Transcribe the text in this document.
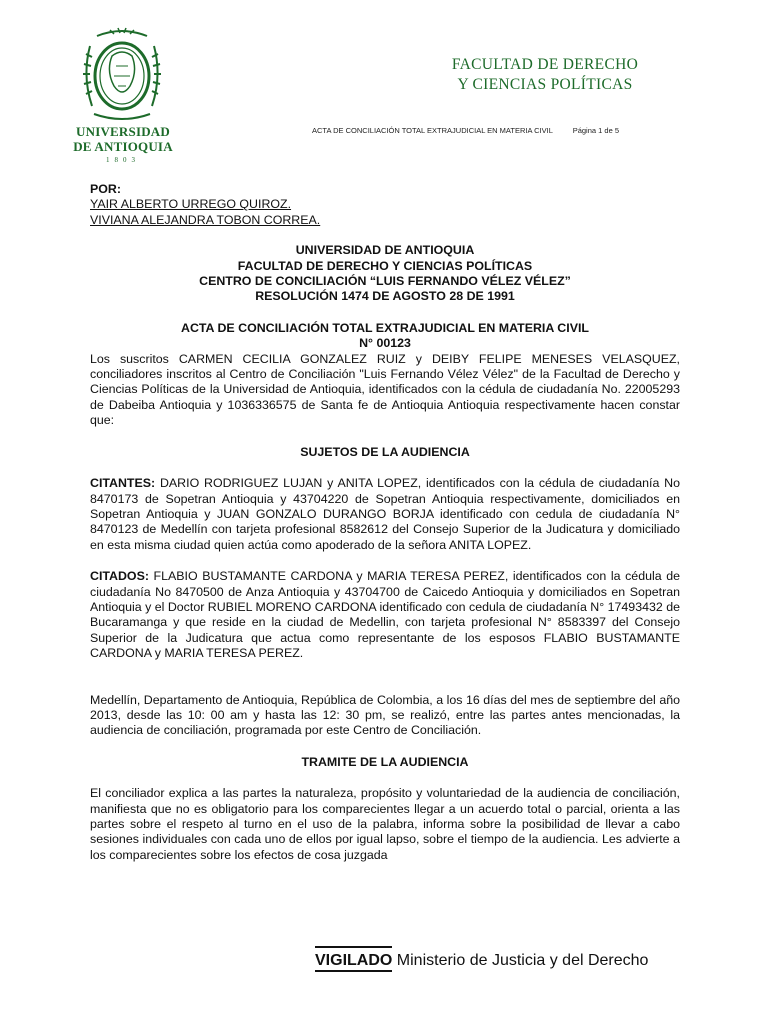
UNIVERSIDAD
DE ANTIOQUIA
1803
FACULTAD DE DERECHO
Y CIENCIAS POLÍTICAS
ACTA DE CONCILIACIÓN TOTAL EXTRAJUDICIAL EN MATERIA CIVIL	Página 1 de 5

POR:

YAIR ALBERTO URREGO QUIROZ.

VIVIANA ALEJANDRA TOBON CORREA.

UNIVERSIDAD DE ANTIOQUIA

FACULTAD DE DERECHO Y CIENCIAS POLÍTICAS

CENTRO DE CONCILIACIÓN “LUIS FERNANDO VÉLEZ VÉLEZ”

RESOLUCIÓN 1474 DE AGOSTO 28 DE 1991

ACTA DE CONCILIACIÓN TOTAL EXTRAJUDICIAL EN MATERIA CIVIL

N° 00123

Los suscritos CARMEN CECILIA GONZALEZ RUIZ y DEIBY FELIPE MENESES VELASQUEZ, conciliadores inscritos al Centro de Conciliación "Luis Fernando Vélez Vélez" de la Facultad de Derecho y Ciencias Políticas de la Universidad de Antioquia, identificados con la cédula de ciudadanía No. 22005293 de Dabeiba Antioquia y 1036336575 de Santa fe de Antioquia Antioquia respectivamente hacen constar que:

SUJETOS DE LA AUDIENCIA

CITANTES: DARIO RODRIGUEZ LUJAN y ANITA LOPEZ, identificados con la cédula de ciudadanía No 8470173 de Sopetran Antioquia y 43704220 de Sopetran Antioquia respectivamente, domiciliados en Sopetran Antioquia y JUAN GONZALO DURANGO BORJA identificado con cedula de ciudadanía N° 8470123 de Medellín con tarjeta profesional 8582612 del Consejo Superior de la Judicatura y domiciliado en esta misma ciudad quien actúa como apoderado de la señora ANITA LOPEZ.

CITADOS: FLABIO BUSTAMANTE CARDONA y MARIA TERESA PEREZ, identificados con la cédula de ciudadanía No 8470500 de Anza Antioquia y 43704700 de Caicedo Antioquia y domiciliados en Sopetran Antioquia y el Doctor RUBIEL MORENO CARDONA identificado con cedula de ciudadanía N° 17493432 de Bucaramanga y que reside en la ciudad de Medellin, con tarjeta profesional N° 8583397 del Consejo Superior de la Judicatura que actua como representante de los esposos FLABIO BUSTAMANTE CARDONA y MARIA TERESA PEREZ.

Medellín, Departamento de Antioquia, República de Colombia, a los 16 días del mes de septiembre del año 2013, desde las 10: 00 am y hasta las 12: 30 pm, se realizó, entre las partes antes mencionadas, la audiencia de conciliación, programada por este Centro de Conciliación.

TRAMITE DE LA AUDIENCIA

El conciliador explica a las partes la naturaleza, propósito y voluntariedad de la audiencia de conciliación, manifiesta que no es obligatorio para los comparecientes llegar a un acuerdo total o parcial, orienta a las partes sobre el respeto al turno en el uso de la palabra, informa sobre la posibilidad de llevar a cabo sesiones individuales con cada uno de ellos por igual lapso, sobre el tiempo de la audiencia. Les advierte a los comparecientes sobre los efectos de cosa juzgada

VIGILADO Ministerio de Justicia y del Derecho
